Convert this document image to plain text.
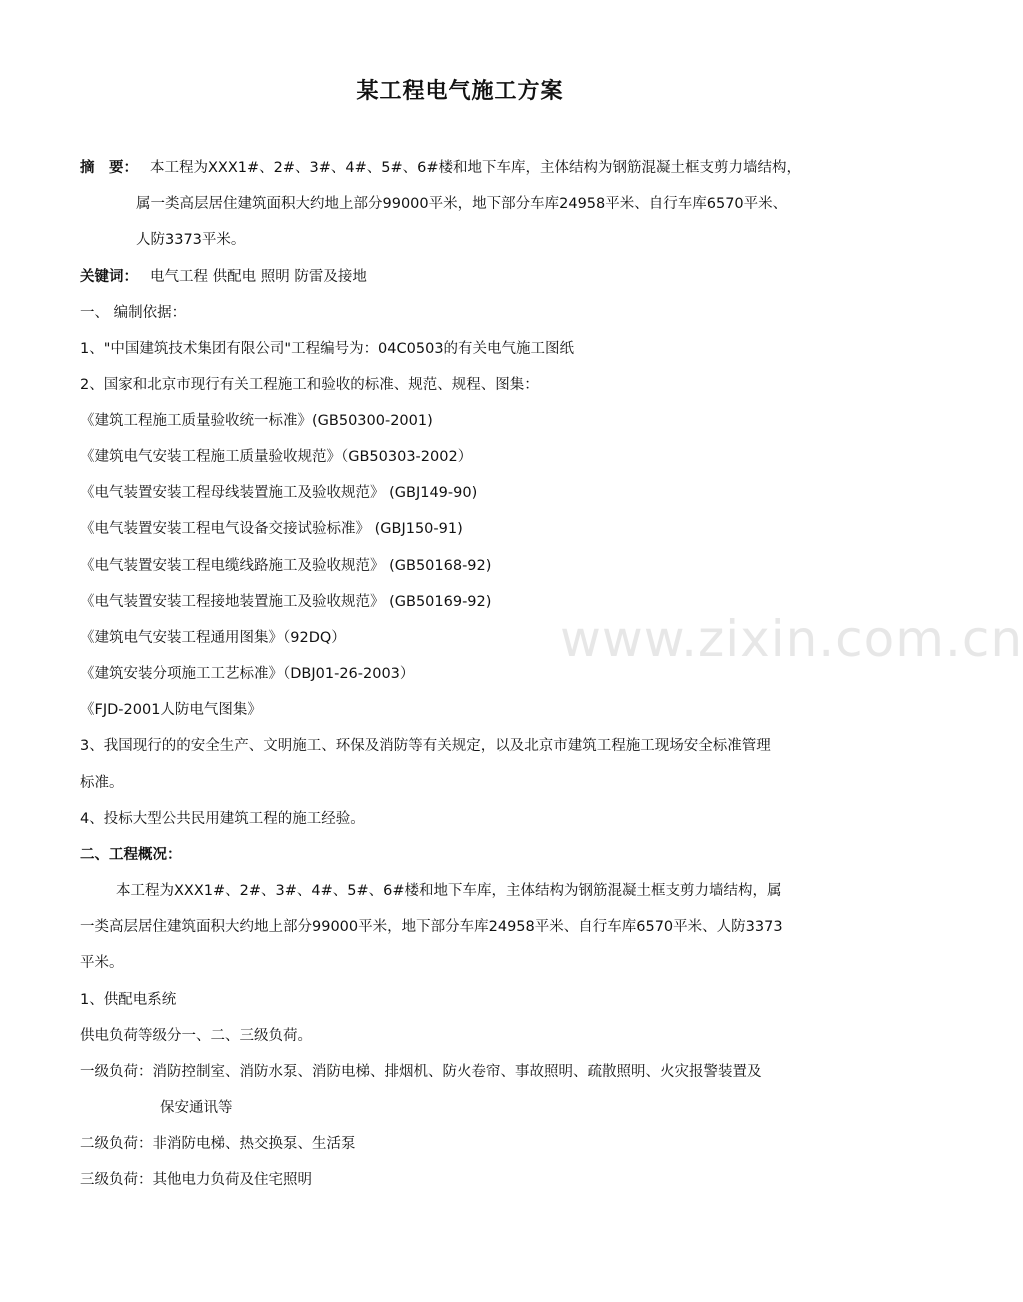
某工程电气施工方案
摘　要： 本工程为XXX1#、2#、3#、4#、5#、6#楼和地下车库，主体结构为钢筋混凝土框支剪力墙结构，
属一类高层居住建筑面积大约地上部分99000平米，地下部分车库24958平米、自行车库6570平米、
人防3373平米。
关键词： 电气工程 供配电 照明 防雷及接地
一、 编制依据：
1、"中国建筑技术集团有限公司"工程编号为：04C0503的有关电气施工图纸
2、国家和北京市现行有关工程施工和验收的标准、规范、规程、图集：
《建筑工程施工质量验收统一标准》(GB50300-2001)
《建筑电气安装工程施工质量验收规范》（GB50303-2002）
《电气装置安装工程母线装置施工及验收规范》 (GBJ149-90)
《电气装置安装工程电气设备交接试验标准》 (GBJ150-91)
《电气装置安装工程电缆线路施工及验收规范》 (GB50168-92)
《电气装置安装工程接地装置施工及验收规范》 (GB50169-92)
《建筑电气安装工程通用图集》（92DQ）
《建筑安装分项施工工艺标准》（DBJ01-26-2003）
《FJD-2001人防电气图集》
3、我国现行的的安全生产、文明施工、环保及消防等有关规定，以及北京市建筑工程施工现场安全标准管理
标准。
4、投标大型公共民用建筑工程的施工经验。
二、工程概况：
本工程为XXX1#、2#、3#、4#、5#、6#楼和地下车库，主体结构为钢筋混凝土框支剪力墙结构，属
一类高层居住建筑面积大约地上部分99000平米，地下部分车库24958平米、自行车库6570平米、人防3373
平米。
1、供配电系统
供电负荷等级分一、二、三级负荷。
一级负荷：消防控制室、消防水泵、消防电梯、排烟机、防火卷帘、事故照明、疏散照明、火灾报警装置及
保安通讯等
二级负荷：非消防电梯、热交换泵、生活泵
三级负荷：其他电力负荷及住宅照明
www.zixin.com.cn
